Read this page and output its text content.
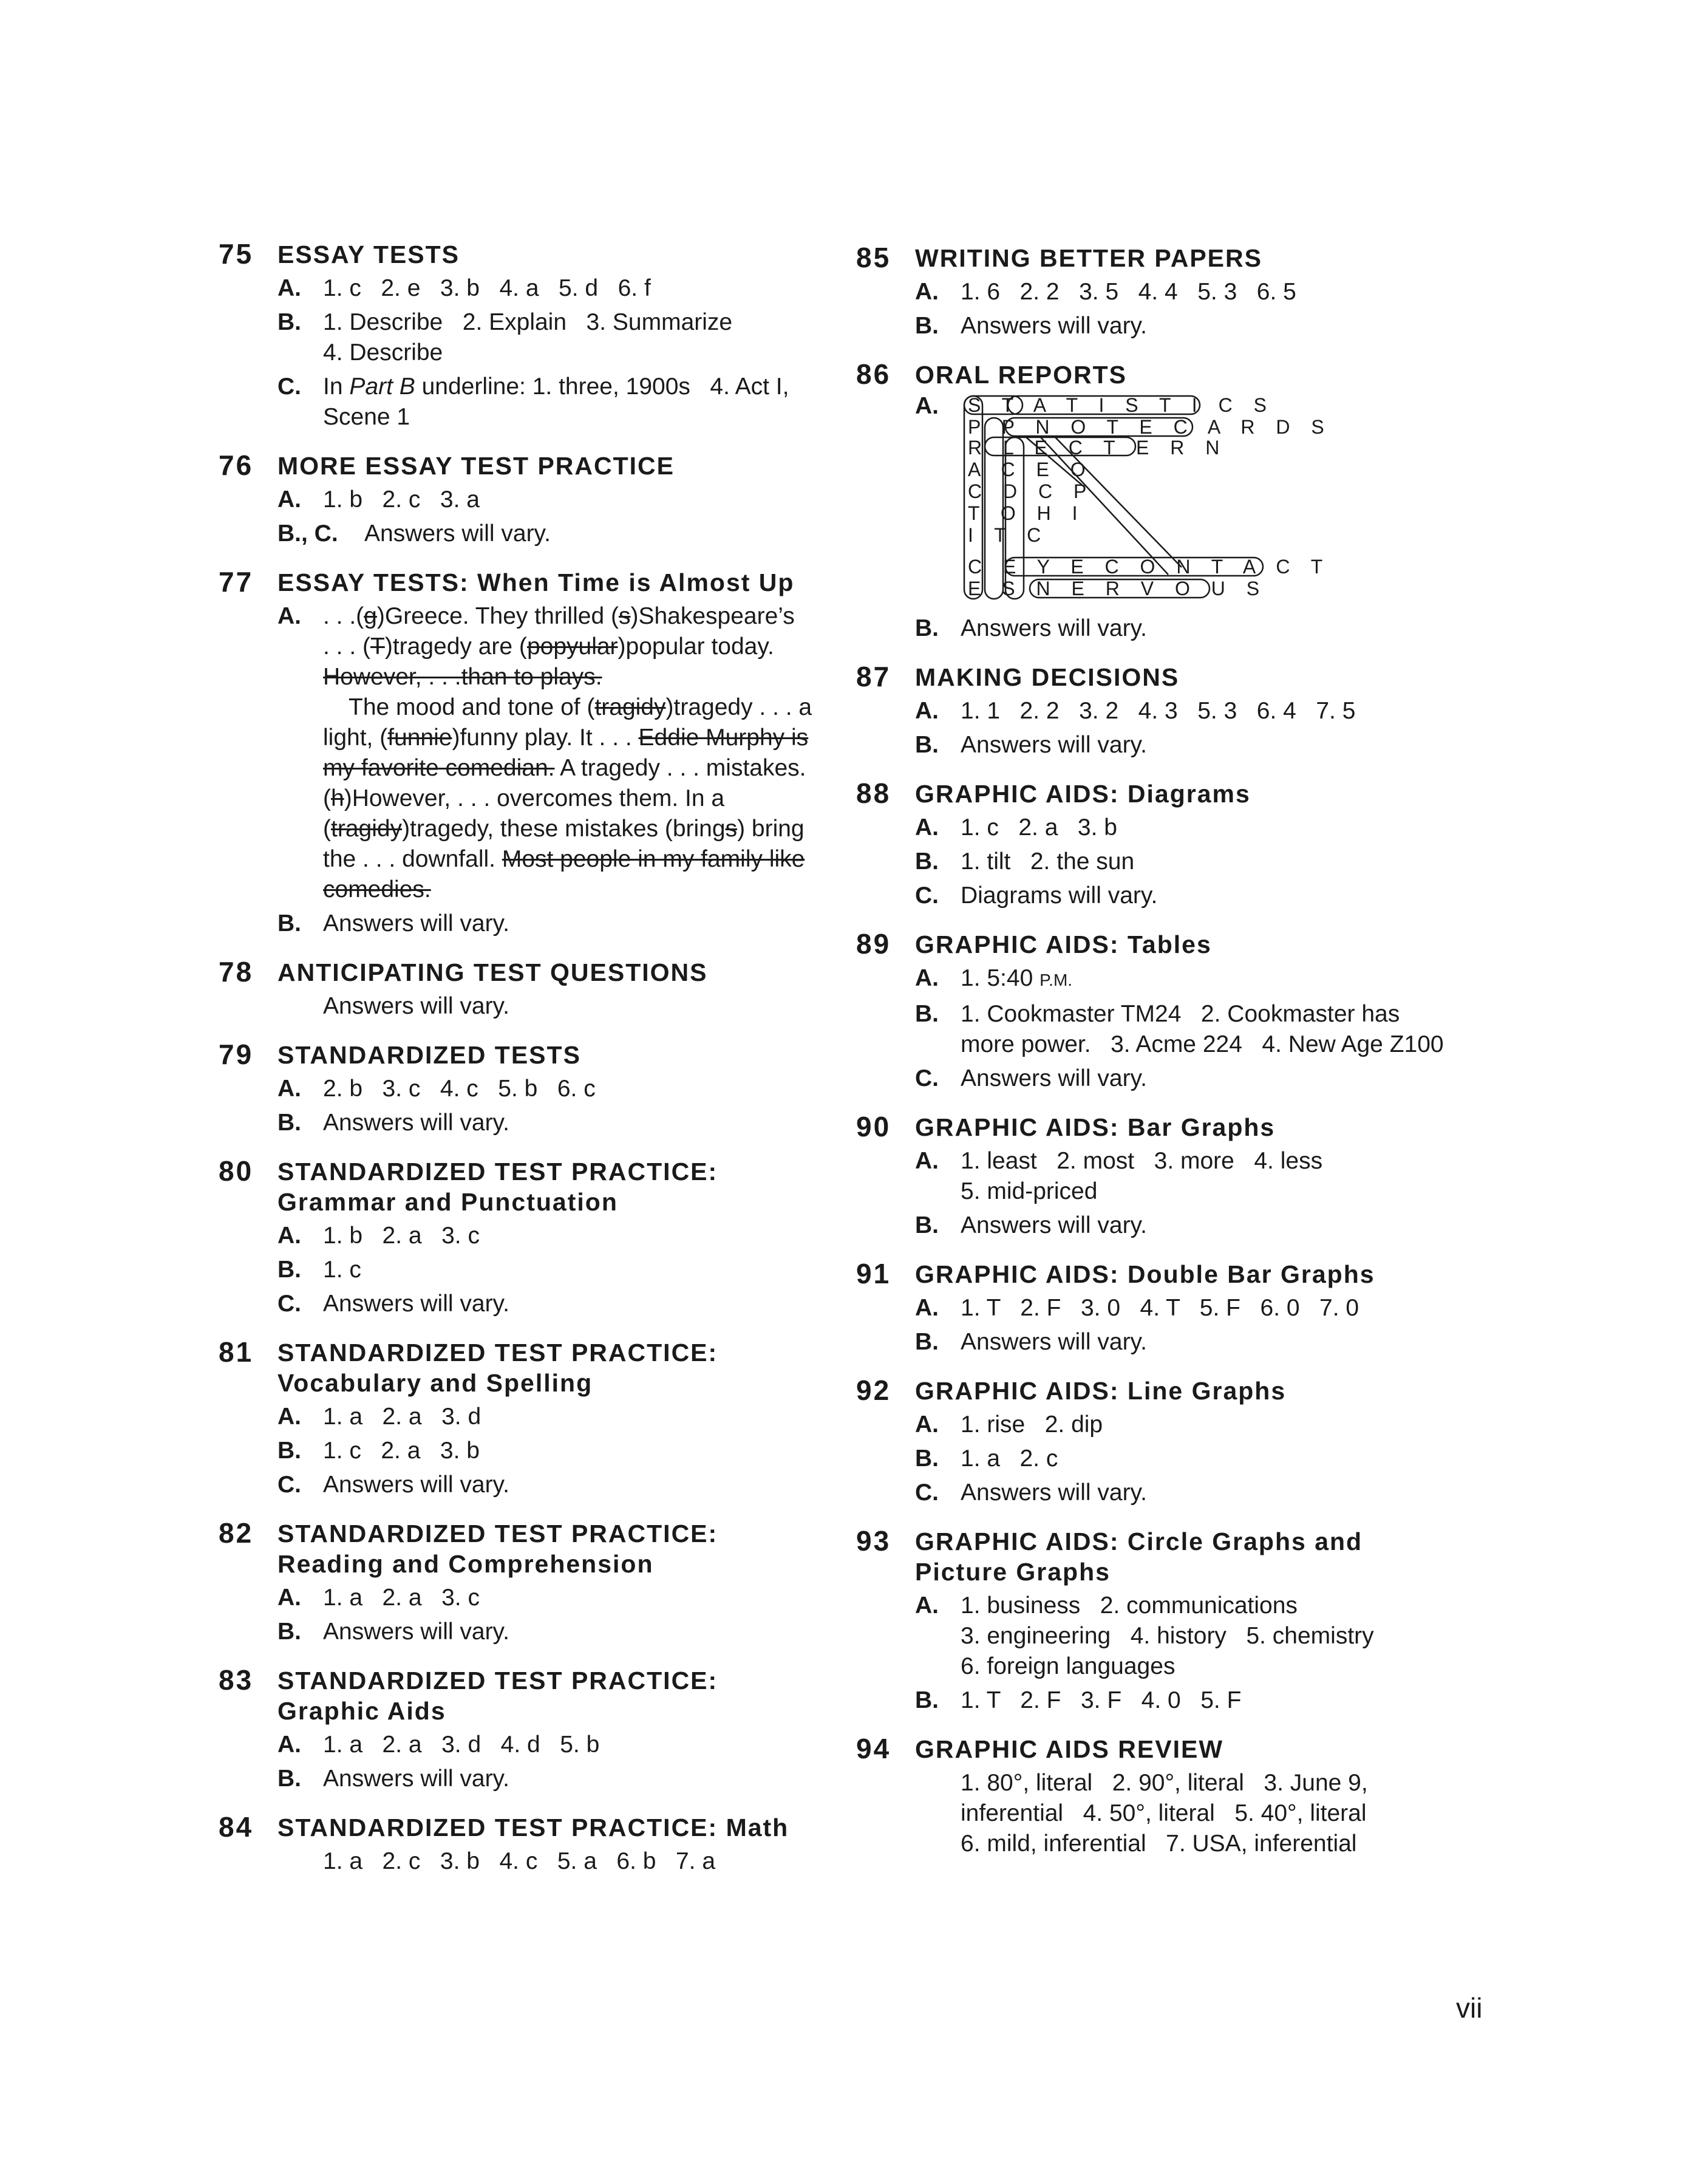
75 ESSAY TESTS
A. 1. c   2. e   3. b   4. a   5. d   6. f
B. 1. Describe   2. Explain   3. Summarize
4. Describe
C. In Part B underline: 1. three, 1900s   4. Act I,
Scene 1
76 MORE ESSAY TEST PRACTICE
A. 1. b   2. c   3. a
B., C. Answers will vary.
77 ESSAY TESTS: When Time is Almost Up
A. . . .(g)Greece. They thrilled (s)Shakespeare’s
. . . (T)tragedy are (popyular)popular today.
However, . . .than to plays.
The mood and tone of (tragidy)tragedy . . . a
light, (funnie)funny play. It . . . Eddie Murphy is
my favorite comedian. A tragedy . . . mistakes.
(h)However, . . . overcomes them. In a
(tragidy)tragedy, these mistakes (brings) bring
the . . . downfall. Most people in my family like
comedies.
B. Answers will vary.
78 ANTICIPATING TEST QUESTIONS
Answers will vary.
79 STANDARDIZED TESTS
A. 2. b   3. c   4. c   5. b   6. c
B. Answers will vary.
80 STANDARDIZED TEST PRACTICE:
Grammar and Punctuation
A. 1. b   2. a   3. c
B. 1. c
C. Answers will vary.
81 STANDARDIZED TEST PRACTICE:
Vocabulary and Spelling
A. 1. a   2. a   3. d
B. 1. c   2. a   3. b
C. Answers will vary.
82 STANDARDIZED TEST PRACTICE:
Reading and Comprehension
A. 1. a   2. a   3. c
B. Answers will vary.
83 STANDARDIZED TEST PRACTICE:
Graphic Aids
A. 1. a   2. a   3. d   4. d   5. b
B. Answers will vary.
84 STANDARDIZED TEST PRACTICE: Math
1. a   2. c   3. b   4. c   5. a   6. b   7. a
85 WRITING BETTER PAPERS
A. 1. 6   2. 2   3. 5   4. 4   5. 3   6. 5
B. Answers will vary.
86 ORAL REPORTS
A. S T A T I S T I C S
P P N O T E C A R D S
R L E C T E R N
A C E O
C D C P
T O H I
I T C
C E Y E C O N T A C T
E S N E R V O U S
B. Answers will vary.
87 MAKING DECISIONS
A. 1. 1   2. 2   3. 2   4. 3   5. 3   6. 4   7. 5
B. Answers will vary.
88 GRAPHIC AIDS: Diagrams
A. 1. c   2. a   3. b
B. 1. tilt   2. the sun
C. Diagrams will vary.
89 GRAPHIC AIDS: Tables
A. 1. 5:40 P.M.
B. 1. Cookmaster TM24   2. Cookmaster has
more power.   3. Acme 224   4. New Age Z100
C. Answers will vary.
90 GRAPHIC AIDS: Bar Graphs
A. 1. least   2. most   3. more   4. less
5. mid-priced
B. Answers will vary.
91 GRAPHIC AIDS: Double Bar Graphs
A. 1. T   2. F   3. 0   4. T   5. F   6. 0   7. 0
B. Answers will vary.
92 GRAPHIC AIDS: Line Graphs
A. 1. rise   2. dip
B. 1. a   2. c
C. Answers will vary.
93 GRAPHIC AIDS: Circle Graphs and
Picture Graphs
A. 1. business   2. communications
3. engineering   4. history   5. chemistry
6. foreign languages
B. 1. T   2. F   3. F   4. 0   5. F
94 GRAPHIC AIDS REVIEW
1. 80°, literal   2. 90°, literal   3. June 9,
inferential   4. 50°, literal   5. 40°, literal
6. mild, inferential   7. USA, inferential
vii
